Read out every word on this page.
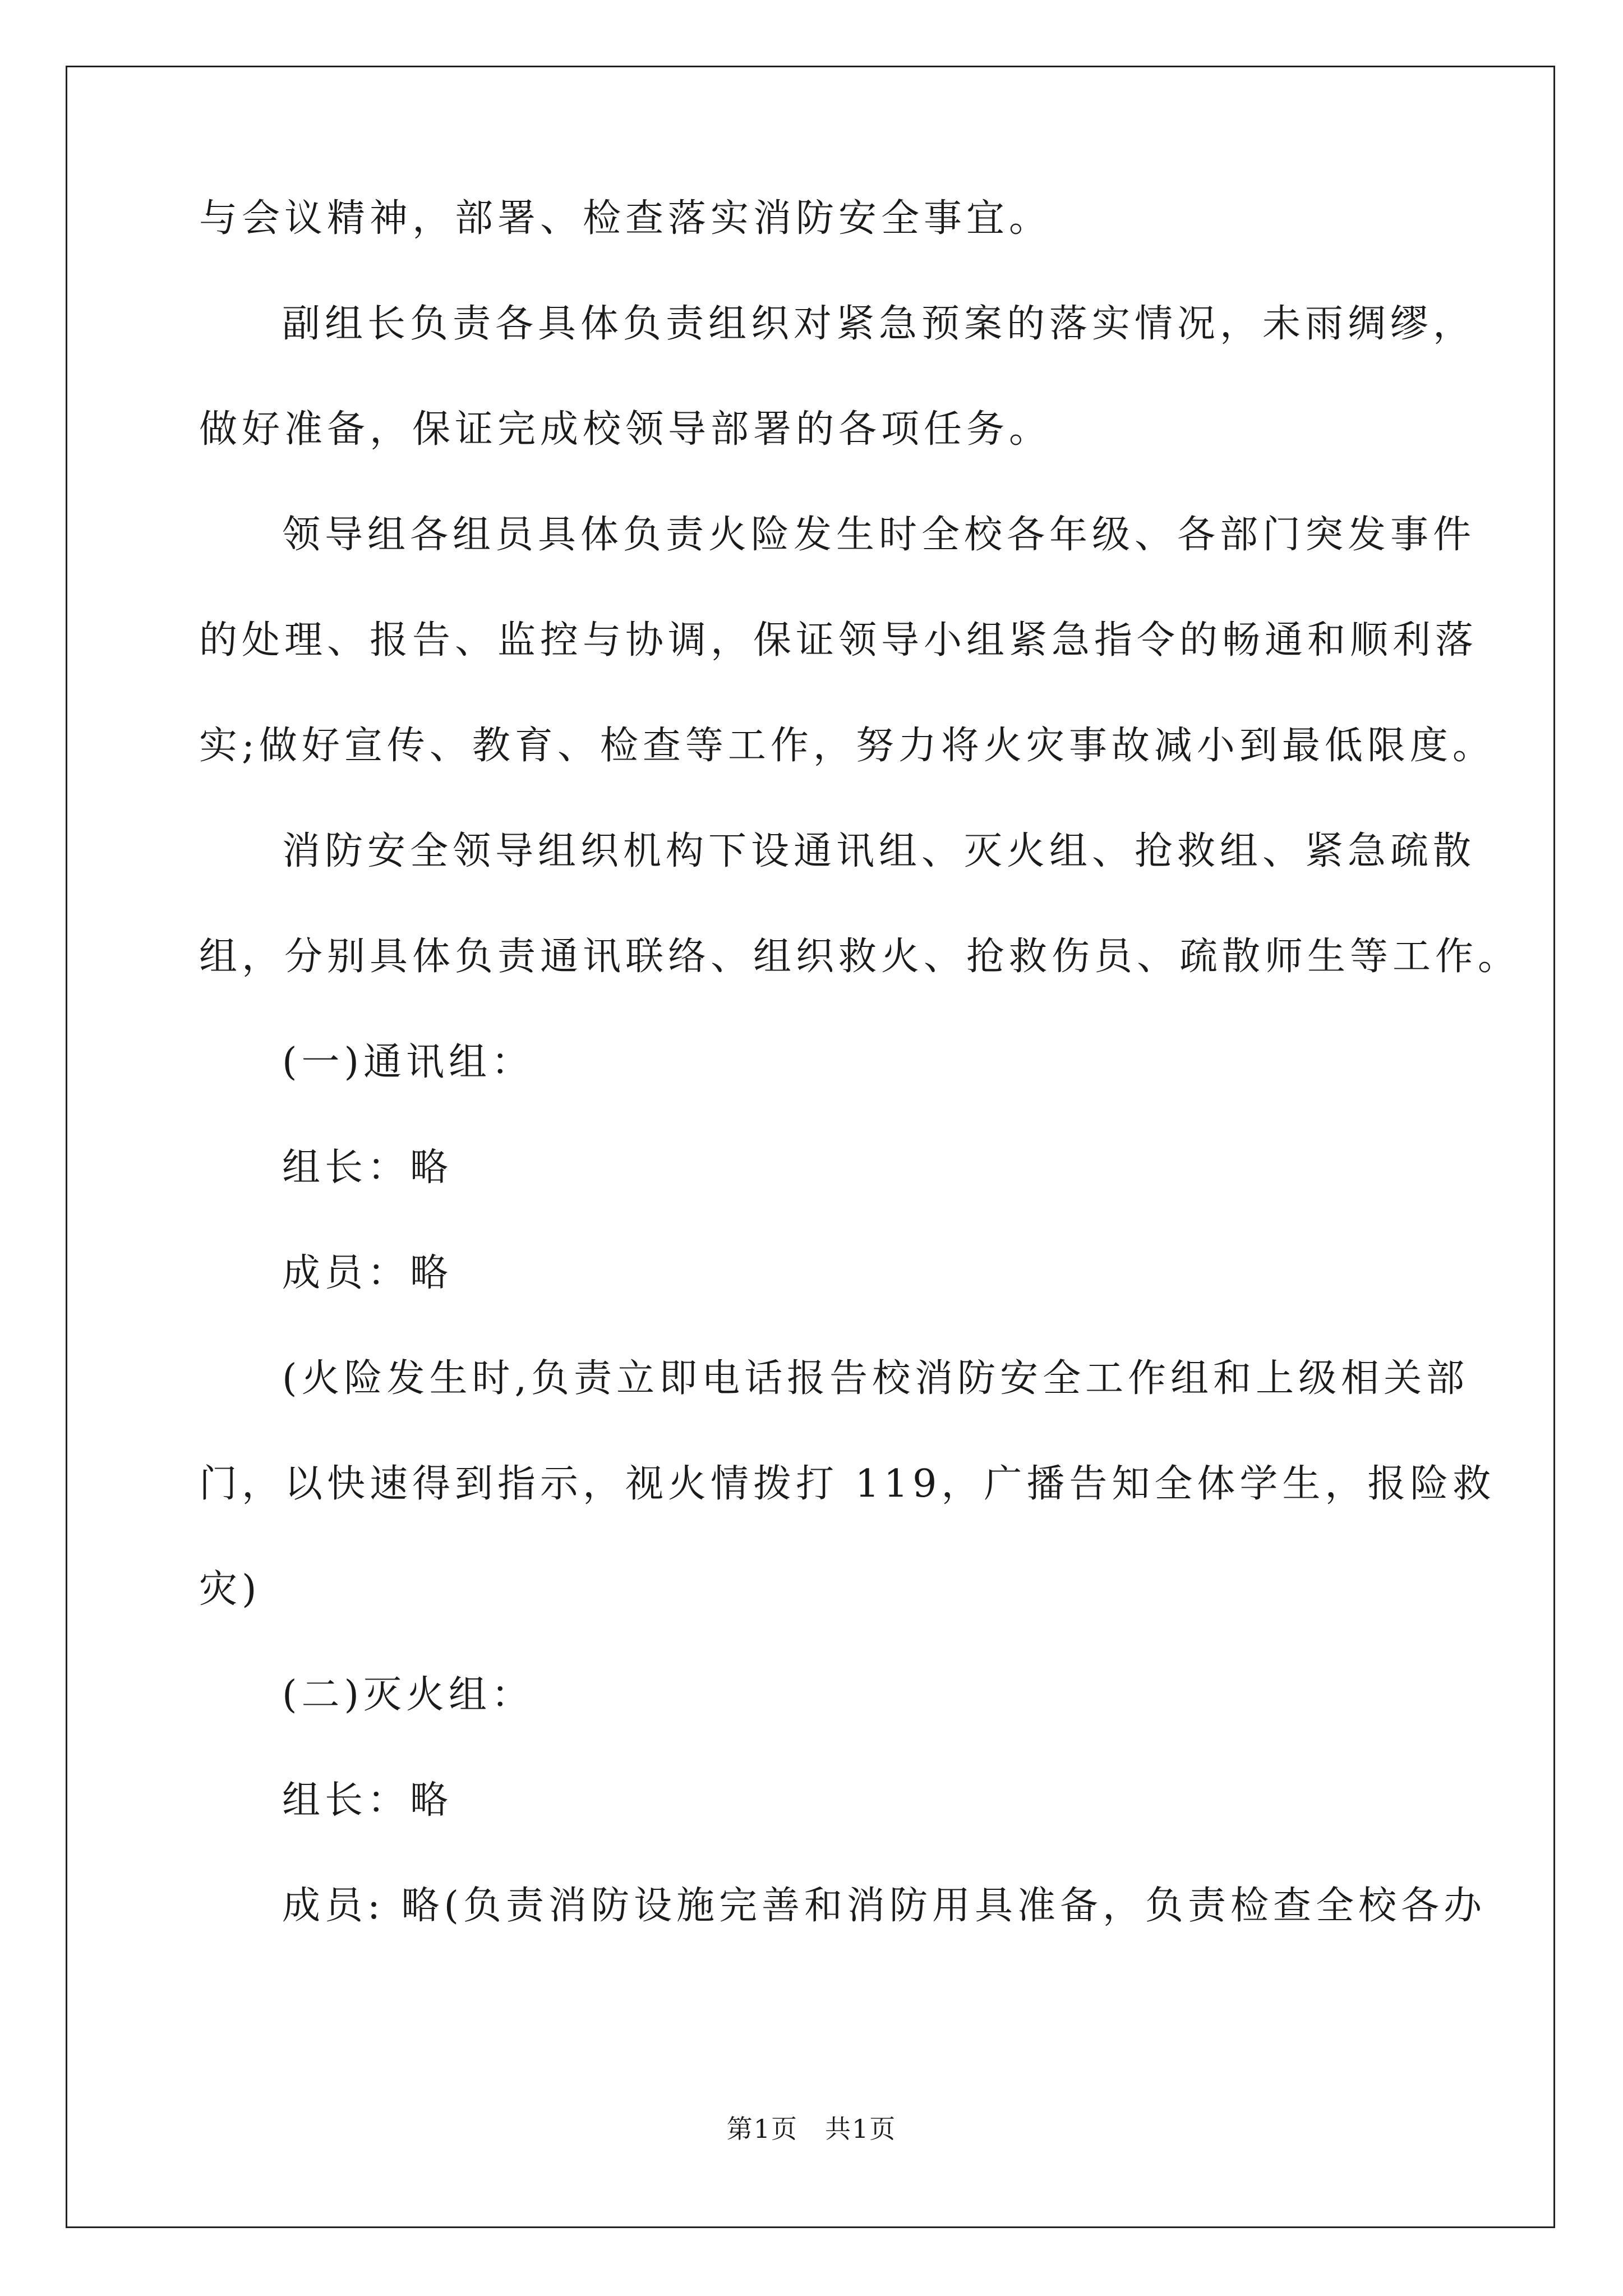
与会议精神，部署、检查落实消防安全事宜。
副组长负责各具体负责组织对紧急预案的落实情况，未雨绸缪，
做好准备，保证完成校领导部署的各项任务。
领导组各组员具体负责火险发生时全校各年级、各部门突发事件
的处理、报告、监控与协调，保证领导小组紧急指令的畅通和顺利落
实;做好宣传、教育、检查等工作，努力将火灾事故减小到最低限度。
消防安全领导组织机构下设通讯组、灭火组、抢救组、紧急疏散
组，分别具体负责通讯联络、组织救火、抢救伤员、疏散师生等工作。
(一)通讯组：
组长：略
成员：略
(火险发生时,负责立即电话报告校消防安全工作组和上级相关部
门，以快速得到指示，视火情拨打 119，广播告知全体学生，报险救
灾)
(二)灭火组：
组长：略
成员: 略(负责消防设施完善和消防用具准备，负责检查全校各办
第1页　共1页
